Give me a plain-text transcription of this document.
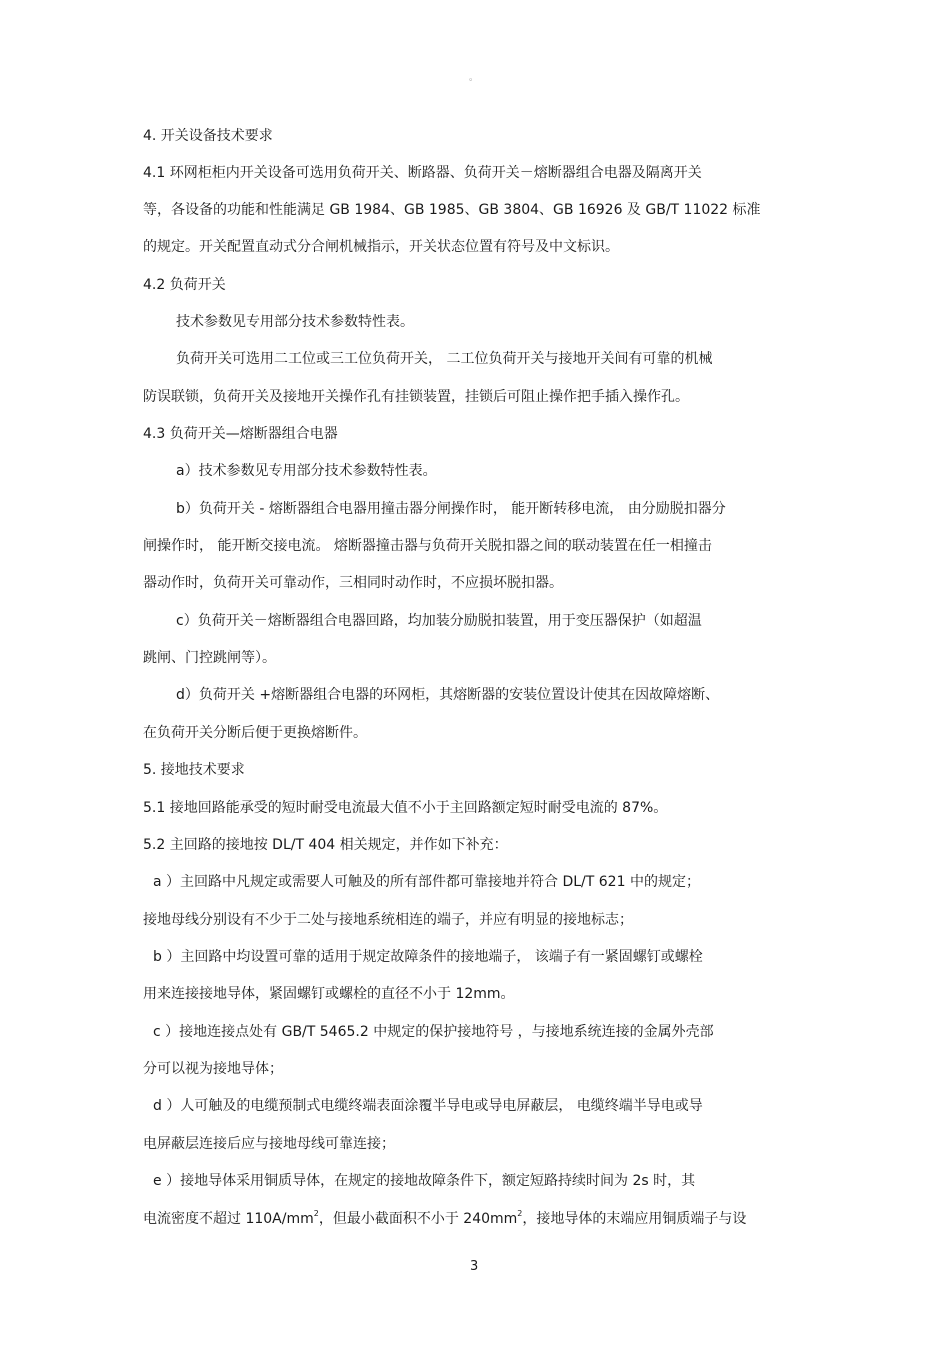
。
4. 开关设备技术要求
4.1 环网柜柜内开关设备可选用负荷开关、断路器、负荷开关－熔断器组合电器及隔离开关
等，各设备的功能和性能满足 GB 1984、GB 1985、GB 3804、GB 16926 及 GB/T 11022 标准
的规定。开关配置直动式分合闸机械指示，开关状态位置有符号及中文标识。
4.2 负荷开关
技术参数见专用部分技术参数特性表。
负荷开关可选用二工位或三工位负荷开关， 二工位负荷开关与接地开关间有可靠的机械
防误联锁，负荷开关及接地开关操作孔有挂锁装置，挂锁后可阻止操作把手插入操作孔。
4.3 负荷开关—熔断器组合电器
a）技术参数见专用部分技术参数特性表。
b）负荷开关 - 熔断器组合电器用撞击器分闸操作时， 能开断转移电流， 由分励脱扣器分
闸操作时， 能开断交接电流。 熔断器撞击器与负荷开关脱扣器之间的联动装置在任一相撞击
器动作时，负荷开关可靠动作，三相同时动作时，不应损坏脱扣器。
c）负荷开关－熔断器组合电器回路，均加装分励脱扣装置，用于变压器保护（如超温
跳闸、门控跳闸等）。
d）负荷开关 +熔断器组合电器的环网柜，其熔断器的安装位置设计使其在因故障熔断、
在负荷开关分断后便于更换熔断件。
5. 接地技术要求
5.1 接地回路能承受的短时耐受电流最大值不小于主回路额定短时耐受电流的 87%。
5.2 主回路的接地按 DL/T 404 相关规定，并作如下补充：
a ）主回路中凡规定或需要人可触及的所有部件都可靠接地并符合 DL/T 621 中的规定；
接地母线分别设有不少于二处与接地系统相连的端子，并应有明显的接地标志；
b ）主回路中均设置可靠的适用于规定故障条件的接地端子， 该端子有一紧固螺钉或螺栓
用来连接接地导体，紧固螺钉或螺栓的直径不小于 12mm。
c ）接地连接点处有 GB/T 5465.2 中规定的保护接地符号 ，与接地系统连接的金属外壳部
分可以视为接地导体；
d ）人可触及的电缆预制式电缆终端表面涂覆半导电或导电屏蔽层， 电缆终端半导电或导
电屏蔽层连接后应与接地母线可靠连接；
e ）接地导体采用铜质导体，在规定的接地故障条件下，额定短路持续时间为 2s 时，其
电流密度不超过 $110A/mm^2$，但最小截面积不小于 $240mm^2$，接地导体的末端应用铜质端子与设
3
